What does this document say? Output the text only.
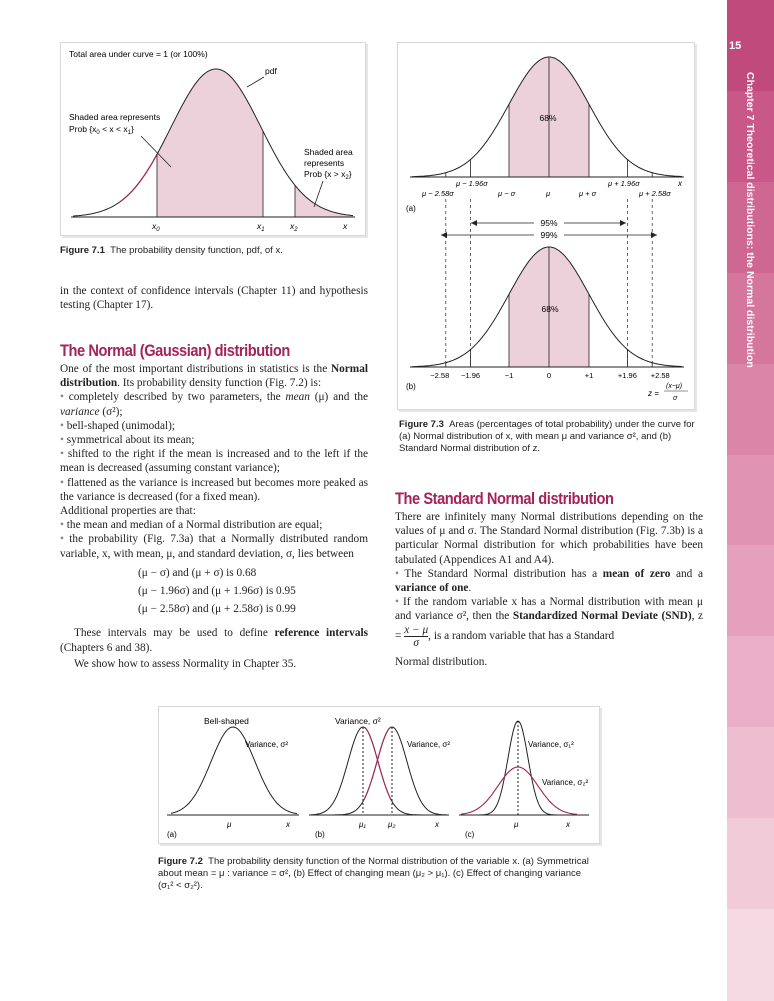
15
Chapter 7 Theoretical distributions: the Normal distribution
Total area under curve = 1 (or 100%)
pdf
Shaded area represents
Prob $\{x_0 < x < x_1\}$
Shaded area
represents
Prob $\{x > x_2\}$
$x_0$	$x_1$	$x_2$	x
Figure 7.1 The probability density function, pdf, of x.
68%
μ − 1.96σ
μ − 2.58σ	μ − σ	μ	μ + σ
μ + 1.96σ
μ + 2.58σ
x
(a)
95%
99%
68%
−2.58 −1.96	−1	0	+1	+1.96 +2.58
(b)
z =
(x−μ)
σ
Figure 7.3 Areas (percentages of total probability) under the curve for (a) Normal distribution of x, with mean μ and variance σ², and (b) Standard Normal distribution of z.

in the context of confidence intervals (Chapter 11) and hypothesis testing (Chapter 17).

The Normal (Gaussian) distribution

One of the most important distributions in statistics is the Normal distribution. Its probability density function (Fig. 7.2) is:

• completely described by two parameters, the mean (μ) and the variance (σ²);

• bell-shaped (unimodal);

• symmetrical about its mean;

• shifted to the right if the mean is increased and to the left if the mean is decreased (assuming constant variance);

• flattened as the variance is increased but becomes more peaked as the variance is decreased (for a fixed mean).

Additional properties are that:

• the mean and median of a Normal distribution are equal;

• the probability (Fig. 7.3a) that a Normally distributed random variable, x, with mean, μ, and standard deviation, σ, lies between

(μ − σ) and (μ + σ) is 0.68

(μ − 1.96σ) and (μ + 1.96σ) is 0.95

(μ − 2.58σ) and (μ + 2.58σ) is 0.99

These intervals may be used to define reference intervals (Chapters 6 and 38).

We show how to assess Normality in Chapter 35.

The Standard Normal distribution

There are infinitely many Normal distributions depending on the values of μ and σ. The Standard Normal distribution (Fig. 7.3b) is a particular Normal distribution for which probabilities have been tabulated (Appendices A1 and A4).

• The Standard Normal distribution has a mean of zero and a variance of one.

• If the random variable x has a Normal distribution with mean μ and variance σ², then the Standardized Normal Deviate (SND), $z = \frac{x - \mu}{\sigma}$ , is a random variable that has a Standard

Normal distribution.

Bell-shaped
Variance, σ²
μ	x
(a)
Variance, σ²
Variance, σ²
μ₁	μ₂	x
(b)
Variance, σ₁²
Variance, σ₂²
μ	x
(c)
Figure 7.2 The probability density function of the Normal distribution of the variable x. (a) Symmetrical about mean = μ : variance = σ², (b) Effect of changing mean (μ₂ > μ₁). (c) Effect of changing variance (σ₁² < σ₂²).
